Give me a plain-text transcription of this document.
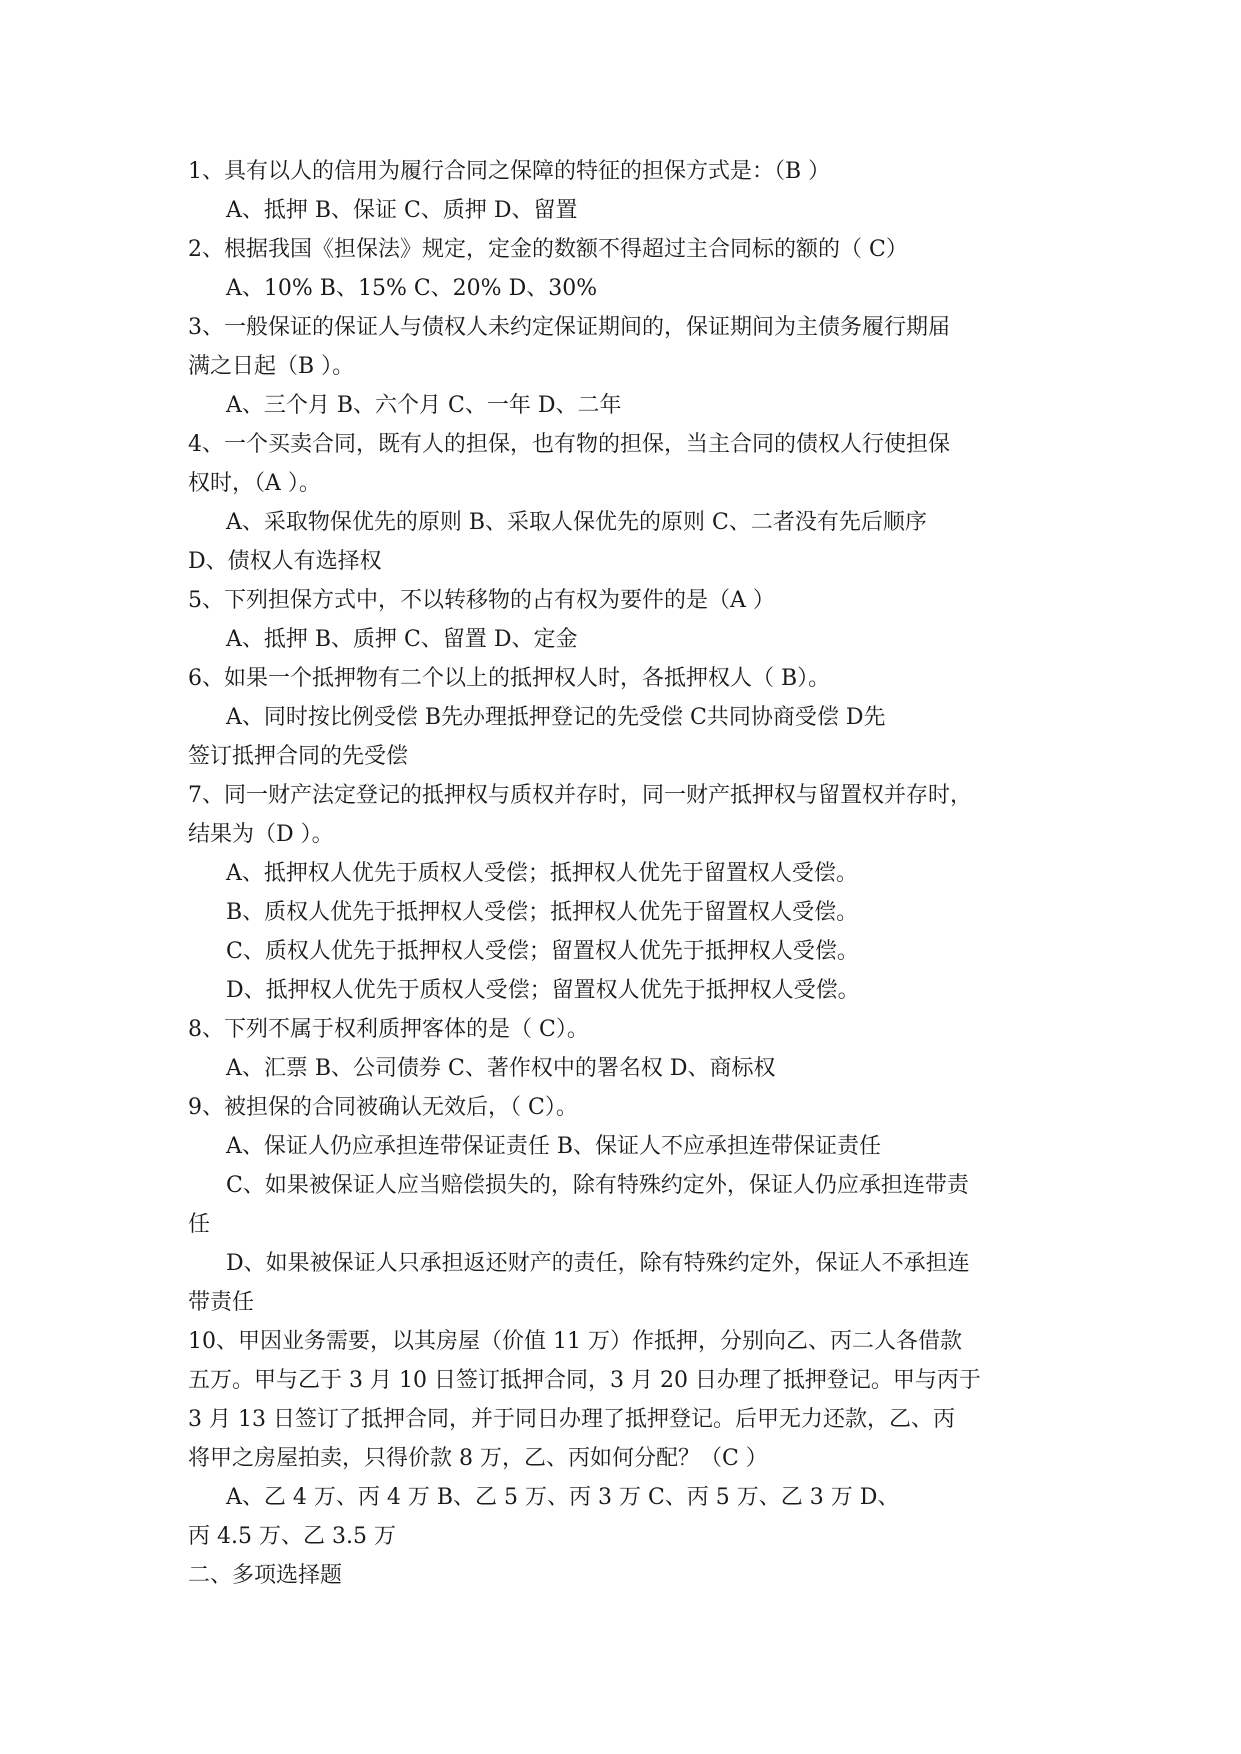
1、具有以人的信用为履行合同之保障的特征的担保方式是：（B ）
A、抵押 B、保证 C、质押 D、留置
2、根据我国《担保法》规定，定金的数额不得超过主合同标的额的（ C）
A、10% B、15% C、20% D、30%
3、一般保证的保证人与债权人未约定保证期间的，保证期间为主债务履行期届
满之日起（B ）。
A、三个月 B、六个月 C、一年 D、二年
4、一个买卖合同，既有人的担保，也有物的担保，当主合同的债权人行使担保
权时，（A ）。
A、采取物保优先的原则 B、采取人保优先的原则 C、二者没有先后顺序
D、债权人有选择权
5、下列担保方式中，不以转移物的占有权为要件的是（A ）
A、抵押 B、质押 C、留置 D、定金
6、如果一个抵押物有二个以上的抵押权人时，各抵押权人（ B）。
A、同时按比例受偿 B先办理抵押登记的先受偿 C共同协商受偿 D先
签订抵押合同的先受偿
7、同一财产法定登记的抵押权与质权并存时，同一财产抵押权与留置权并存时，
结果为（D ）。
A、抵押权人优先于质权人受偿；抵押权人优先于留置权人受偿。
B、质权人优先于抵押权人受偿；抵押权人优先于留置权人受偿。
C、质权人优先于抵押权人受偿；留置权人优先于抵押权人受偿。
D、抵押权人优先于质权人受偿；留置权人优先于抵押权人受偿。
8、下列不属于权利质押客体的是（ C）。
A、汇票 B、公司债券 C、著作权中的署名权 D、商标权
9、被担保的合同被确认无效后，（ C）。
A、保证人仍应承担连带保证责任 B、保证人不应承担连带保证责任
C、如果被保证人应当赔偿损失的，除有特殊约定外，保证人仍应承担连带责
任
D、如果被保证人只承担返还财产的责任，除有特殊约定外，保证人不承担连
带责任
10、甲因业务需要，以其房屋（价值 11 万）作抵押，分别向乙、丙二人各借款
五万。甲与乙于 3 月 10 日签订抵押合同，3 月 20 日办理了抵押登记。甲与丙于
3 月 13 日签订了抵押合同，并于同日办理了抵押登记。后甲无力还款，乙、丙
将甲之房屋拍卖，只得价款 8 万，乙、丙如何分配？（C ）
A、乙 4 万、丙 4 万 B、乙 5 万、丙 3 万 C、丙 5 万、乙 3 万 D、
丙 4.5 万、乙 3.5 万
二、多项选择题
